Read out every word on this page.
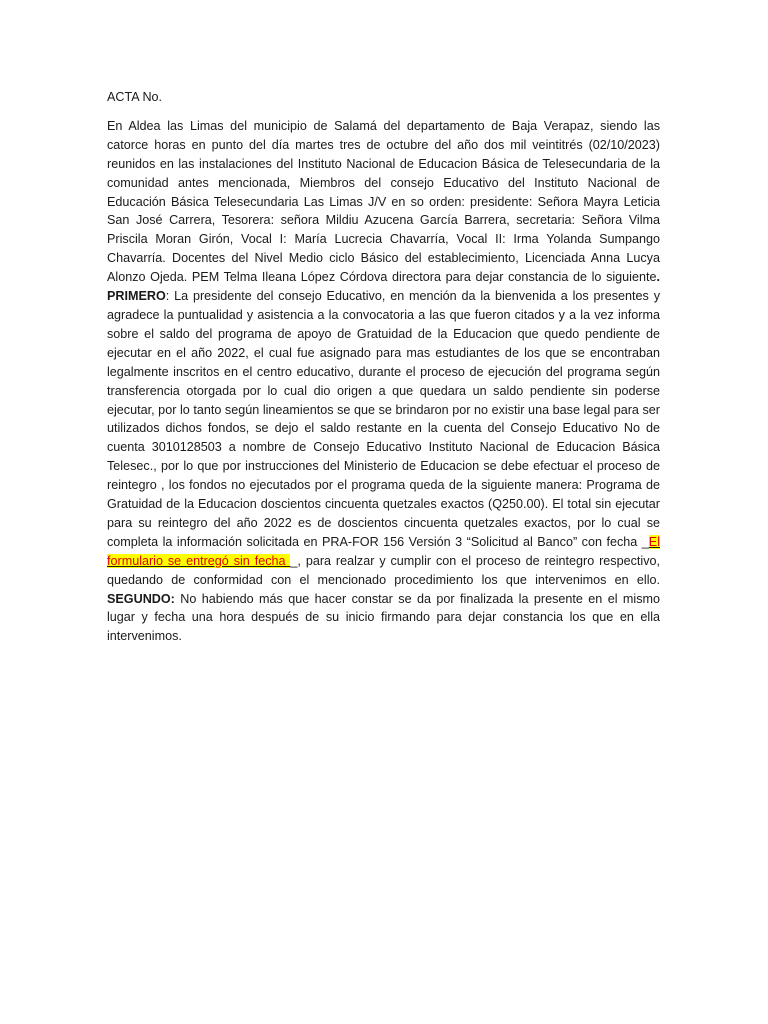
ACTA No.

En Aldea las Limas del municipio de Salamá del departamento de Baja Verapaz, siendo las catorce horas en punto del día martes tres de octubre del año dos mil veintitrés (02/10/2023) reunidos en las instalaciones del Instituto Nacional de Educacion Básica de Telesecundaria de la comunidad antes mencionada, Miembros del consejo Educativo del Instituto Nacional de Educación Básica Telesecundaria Las Limas J/V en so orden: presidente: Señora Mayra Leticia San José Carrera, Tesorera: señora Mildiu Azucena García Barrera, secretaria: Señora Vilma Priscila Moran Girón, Vocal I: María Lucrecia Chavarría, Vocal II: Irma Yolanda Sumpango Chavarría. Docentes del Nivel Medio ciclo Básico del establecimiento, Licenciada Anna Lucya Alonzo Ojeda. PEM Telma Ileana López Córdova directora para dejar constancia de lo siguiente. PRIMERO: La presidente del consejo Educativo, en mención da la bienvenida a los presentes y agradece la puntualidad y asistencia a la convocatoria a las que fueron citados y a la vez informa sobre el saldo del programa de apoyo de Gratuidad de la Educacion que quedo pendiente de ejecutar en el año 2022, el cual fue asignado para mas estudiantes de los que se encontraban legalmente inscritos en el centro educativo, durante el proceso de ejecución del programa según transferencia otorgada por lo cual dio origen a que quedara un saldo pendiente sin poderse ejecutar, por lo tanto según lineamientos se que se brindaron por no existir una base legal para ser utilizados dichos fondos, se dejo el saldo restante en la cuenta del Consejo Educativo No de cuenta 3010128503 a nombre de Consejo Educativo Instituto Nacional de Educacion Básica Telesec., por lo que por instrucciones del Ministerio de Educacion se debe efectuar el proceso de reintegro , los fondos no ejecutados por el programa queda de la siguiente manera: Programa de Gratuidad de la Educacion doscientos cincuenta quetzales exactos (Q250.00). El total sin ejecutar para su reintegro del año 2022 es de doscientos cincuenta quetzales exactos, por lo cual se completa la información solicitada en PRA-FOR 156 Versión 3 “Solicitud al Banco” con fecha _El formulario se entregó sin fecha _, para realzar y cumplir con el proceso de reintegro respectivo, quedando de conformidad con el mencionado procedimiento los que intervenimos en ello. SEGUNDO: No habiendo más que hacer constar se da por finalizada la presente en el mismo lugar y fecha una hora después de su inicio firmando para dejar constancia los que en ella intervenimos.
